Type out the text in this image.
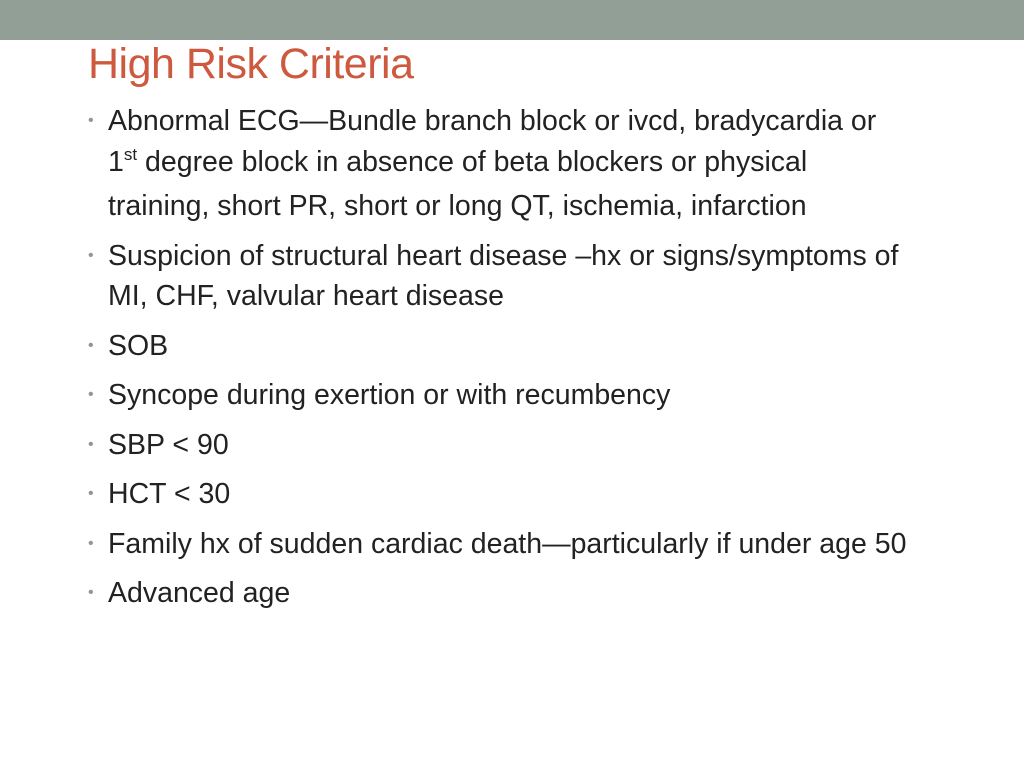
High Risk Criteria
• Abnormal ECG—Bundle branch block or ivcd, bradycardia or 1st degree block in absence of beta blockers or physical training, short PR, short or long QT, ischemia, infarction
• Suspicion of structural heart disease –hx or signs/symptoms of MI, CHF, valvular heart disease
• SOB
• Syncope during exertion or with recumbency
• SBP < 90
• HCT < 30
• Family hx of sudden cardiac death—particularly if under age 50
• Advanced age
